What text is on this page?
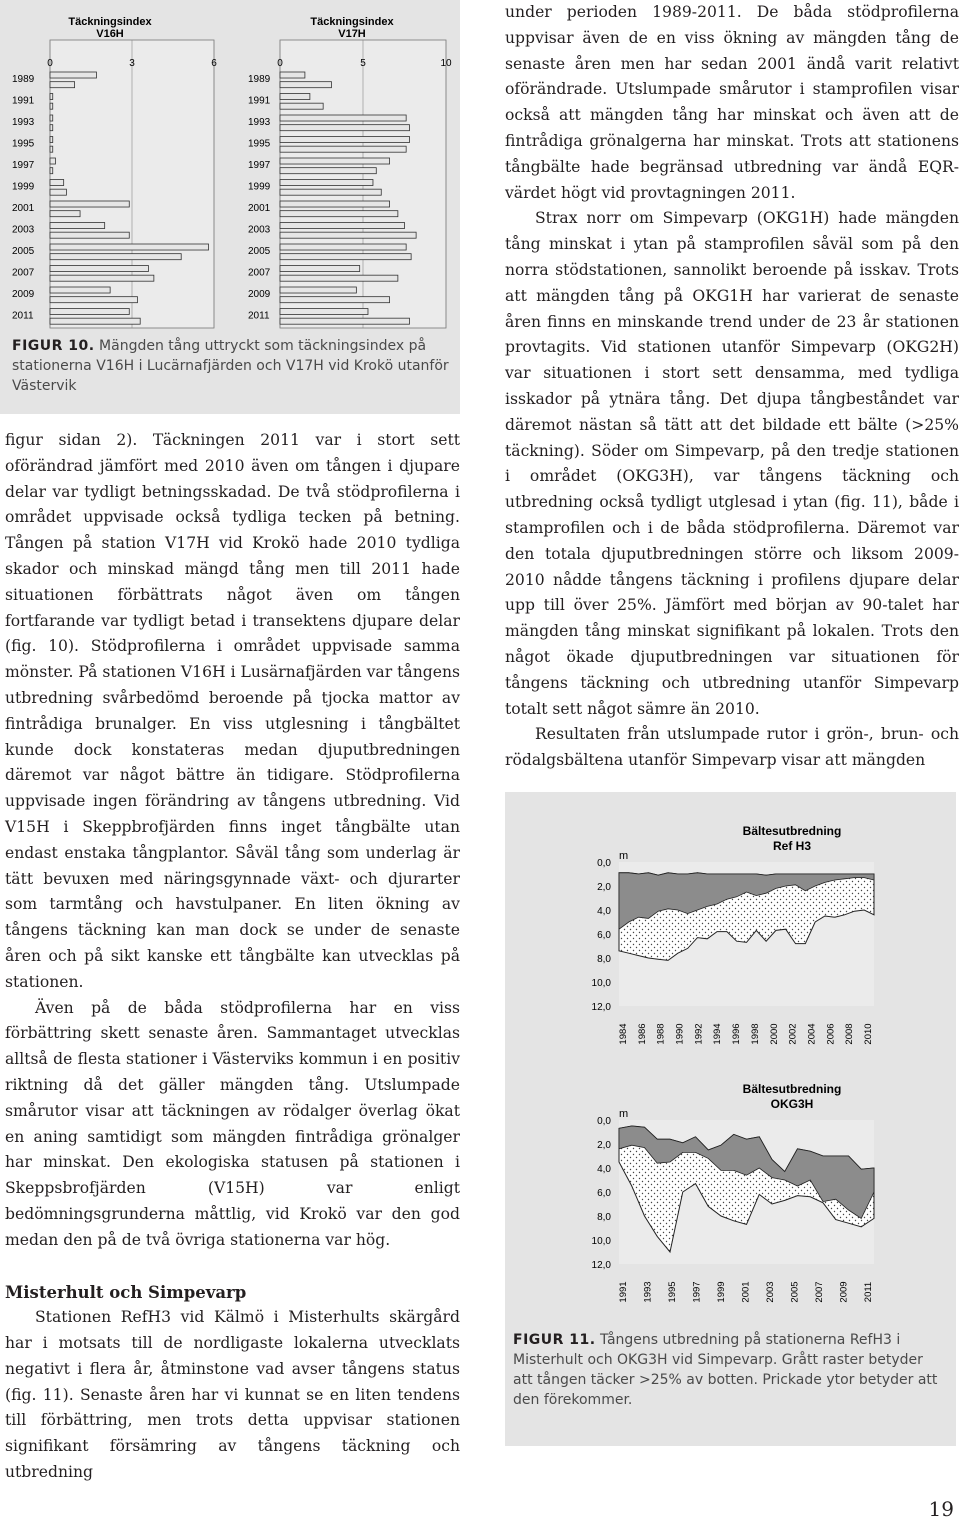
Täckningsindex
V16H
0	3	6
1989
1991
1993
1995
1997
1999
2001
2003
2005
2007
2009
2011
Täckningsindex
V17H
0	5	10
1989
1991
1993
1995
1997
1999
2001
2003
2005
2007
2009
2011
FIGUR 10. Mängden tång uttryckt som täckningsindex på stationerna V16H i Lucärnafjärden och V17H vid Krokö utanför Västervik

figur sidan 2). Täckningen 2011 var i stort sett oförändrad jämfört med 2010 även om tången i djupare delar var tydligt betningsskadad. De två stödprofilerna i området uppvisade också tydliga tecken på betning. Tången på station V17H vid Krokö hade 2010 tydliga skador och minskad mängd tång men till 2011 hade situationen förbättrats något även om tången fortfarande var tydligt betad i transektens djupare delar (fig. 10). Stödprofilerna i området uppvisade samma mönster. På stationen V16H i Lusärnafjärden var tångens utbredning svårbedömd beroende på tjocka mattor av fintrådiga brunalger. En viss utglesning i tångbältet kunde dock konstateras medan djuputbredningen däremot var något bättre än tidigare. Stödprofilerna uppvisade ingen förändring av tångens utbredning. Vid V15H i Skeppbrofjärden finns inget tångbälte utan endast enstaka tångplantor. Såväl tång som underlag är tätt bevuxen med näringsgynnade växt- och djurarter som tarmtång och havstulpaner. En liten ökning av tångens täckning kan man dock se under de senaste åren och på sikt kanske ett tångbälte kan utvecklas på stationen.

Även på de båda stödprofilerna har en viss förbättring skett senaste åren. Sammantaget utvecklas alltså de flesta stationer i Västerviks kommun i en positiv riktning då det gäller mängden tång. Utslumpade smårutor visar att täckningen av rödalger överlag ökat en aning samtidigt som mängden fintrådiga grönalger har minskat. Den ekologiska statusen på stationen i Skeppsbrofjärden (V15H) var enligt bedömningsgrunderna måttlig, vid Krokö var den god medan den på de två övriga stationerna var hög.

Misterhult och Simpevarp

Stationen RefH3 vid Kälmö i Misterhults skärgård har i motsats till de nordligaste lokalerna utvecklats negativt i flera år, åtminstone vad avser tångens status (fig. 11). Senaste åren har vi kunnat se en liten tendens till förbättring, men trots detta uppvisar stationen signifikant försämring av tångens täckning och utbredning

under perioden 1989-2011. De båda stödprofilerna uppvisar även de en viss ökning av mängden tång de senaste åren men har sedan 2001 ändå varit relativt oförändrade. Utslumpade smårutor i stamprofilen visar också att mängden tång har minskat och även att de fintrådiga grönalgerna har minskat. Trots att stationens tångbälte hade begränsad utbredning var ändå EQR- värdet högt vid provtagningen 2011.

Strax norr om Simpevarp (OKG1H) hade mängden tång minskat i ytan på stamprofilen såväl som på den norra stödstationen, sannolikt beroende på isskav. Trots att mängden tång på OKG1H har varierat de senaste åren finns en minskande trend under de 23 år stationen provtagits. Vid stationen utanför Simpevarp (OKG2H) var situationen i stort sett densamma, med tydliga isskador på ytnära tång. Det djupa tångbeståndet var däremot nästan så tätt att det bildade ett bälte (>25% täckning). Söder om Simpevarp, på den tredje stationen i området (OKG3H), var tångens täckning och utbredning också tydligt utglesad i ytan (fig. 11), både i stamprofilen och i de båda stödprofilerna. Däremot var den totala djuputbredningen större och liksom 2009-2010 nådde tångens täckning i profilens djupare delar upp till över 25%. Jämfört med början av 90-talet har mängden tång minskat signifikant på lokalen. Trots den något ökade djuputbredningen var situationen för tångens täckning och utbredning utanför Simpevarp totalt sett något sämre än 2010.

Resultaten från utslumpade rutor i grön-, brun- och rödalgsbältena utanför Simpevarp visar att mängden

Bältesutbredning
Ref H3
m
0,0
2,0
4,0
6,0
8,0
10,0
12,0
1984 1986 1988 1990 1992 1994 1996 1998 2000 2002 2004 2006 2008 2010
Bältesutbredning
OKG3H
m
0,0
2,0
4,0
6,0
8,0
10,0
12,0
1991 1993 1995 1997 1999 2001 2003 2005 2007 2009 2011
FIGUR 11. Tångens utbredning på stationerna RefH3 i Misterhult och OKG3H vid Simpevarp. Grått raster betyder att tången täcker >25% av botten. Prickade ytor betyder att den förekommer.
19
